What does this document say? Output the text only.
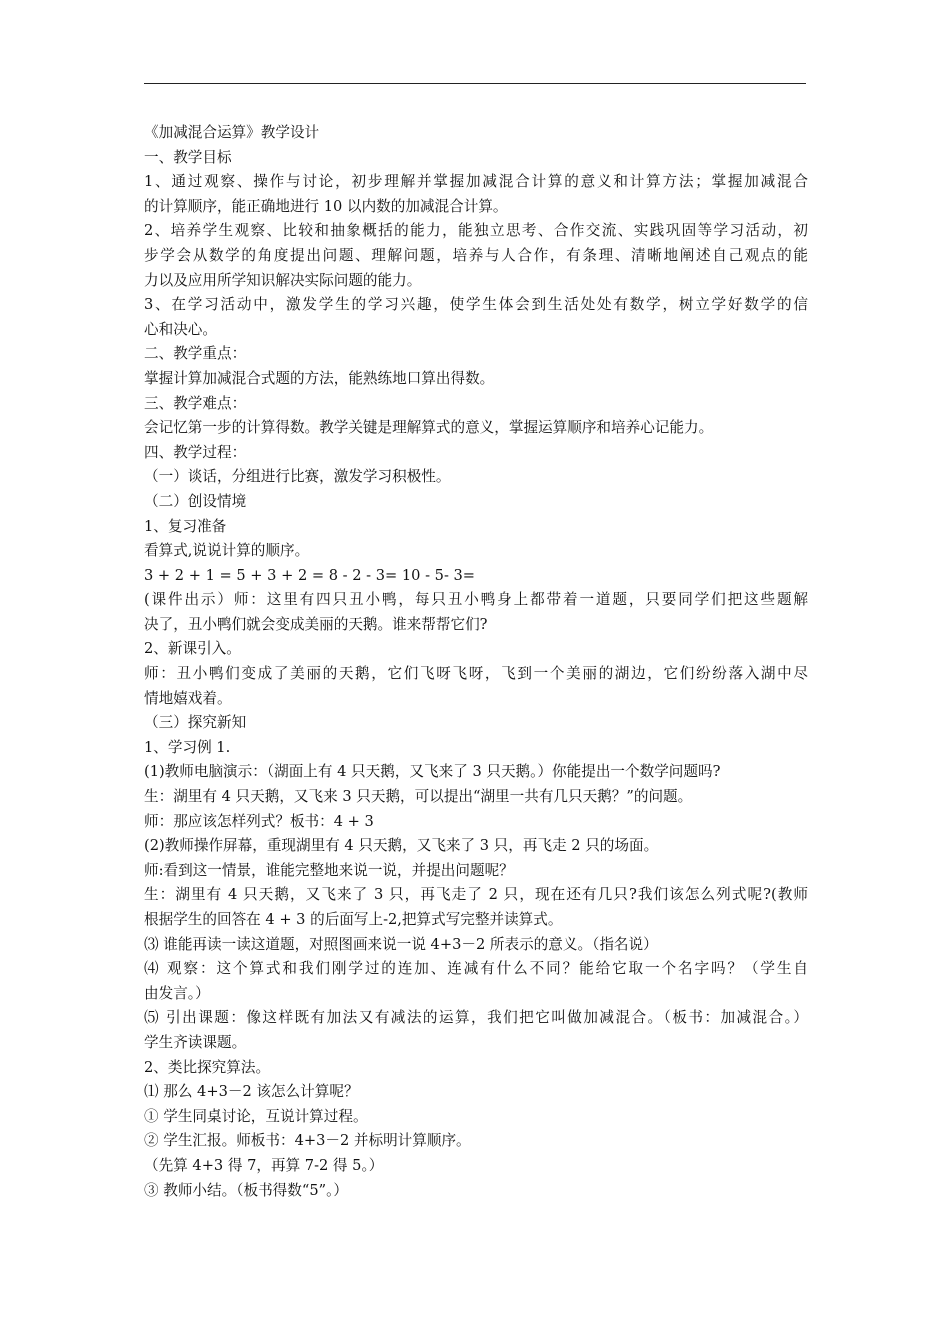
《加减混合运算》教学设计
一、教学目标
1、通过观察、操作与讨论，初步理解并掌握加减混合计算的意义和计算方法；掌握加减混合
的计算顺序，能正确地进行 10 以内数的加减混合计算。
2、培养学生观察、比较和抽象概括的能力，能独立思考、合作交流、实践巩固等学习活动，初
步学会从数学的角度提出问题、理解问题，培养与人合作，有条理、清晰地阐述自己观点的能
力以及应用所学知识解决实际问题的能力。
3、在学习活动中，激发学生的学习兴趣，使学生体会到生活处处有数学，树立学好数学的信
心和决心。
二、教学重点：
掌握计算加减混合式题的方法，能熟练地口算出得数。
三、教学难点：
会记忆第一步的计算得数。教学关键是理解算式的意义，掌握运算顺序和培养心记能力。
四、教学过程：
（一）谈话，分组进行比赛，激发学习积极性。
（二）创设情境
1、复习准备
看算式,说说计算的顺序。
3 + 2 + 1 = 5 + 3 + 2 = 8 - 2 - 3= 10 - 5- 3=
(课件出示）师：这里有四只丑小鸭，每只丑小鸭身上都带着一道题，只要同学们把这些题解
决了，丑小鸭们就会变成美丽的天鹅。谁来帮帮它们?
2、新课引入。
师：丑小鸭们变成了美丽的天鹅，它们飞呀飞呀，飞到一个美丽的湖边，它们纷纷落入湖中尽
情地嬉戏着。
（三）探究新知
1、学习例 1.
(1)教师电脑演示：（湖面上有 4 只天鹅，又飞来了 3 只天鹅。）你能提出一个数学问题吗?
生：湖里有 4 只天鹅，又飞来 3 只天鹅，可以提出“湖里一共有几只天鹅？”的问题。
师：那应该怎样列式？板书：4 + 3
(2)教师操作屏幕，重现湖里有 4 只天鹅，又飞来了 3 只，再飞走 2 只的场面。
师:看到这一情景，谁能完整地来说一说，并提出问题呢？
生：湖里有 4 只天鹅，又飞来了 3 只，再飞走了 2 只，现在还有几只?我们该怎么列式呢?(教师
根据学生的回答在 4 + 3 的后面写上-2,把算式写完整并读算式。
⑶ 谁能再读一读这道题，对照图画来说一说 4+3－2 所表示的意义。（指名说）
⑷ 观察：这个算式和我们刚学过的连加、连减有什么不同？能给它取一个名字吗？（学生自
由发言。）
⑸ 引出课题：像这样既有加法又有减法的运算，我们把它叫做加减混合。（板书：加减混合。）
学生齐读课题。
2、类比探究算法。
⑴ 那么 4+3－2 该怎么计算呢？
① 学生同桌讨论，互说计算过程。
② 学生汇报。师板书：4+3－2 并标明计算顺序。
（先算 4+3 得 7，再算 7-2 得 5。）
③ 教师小结。（板书得数“5”。）
